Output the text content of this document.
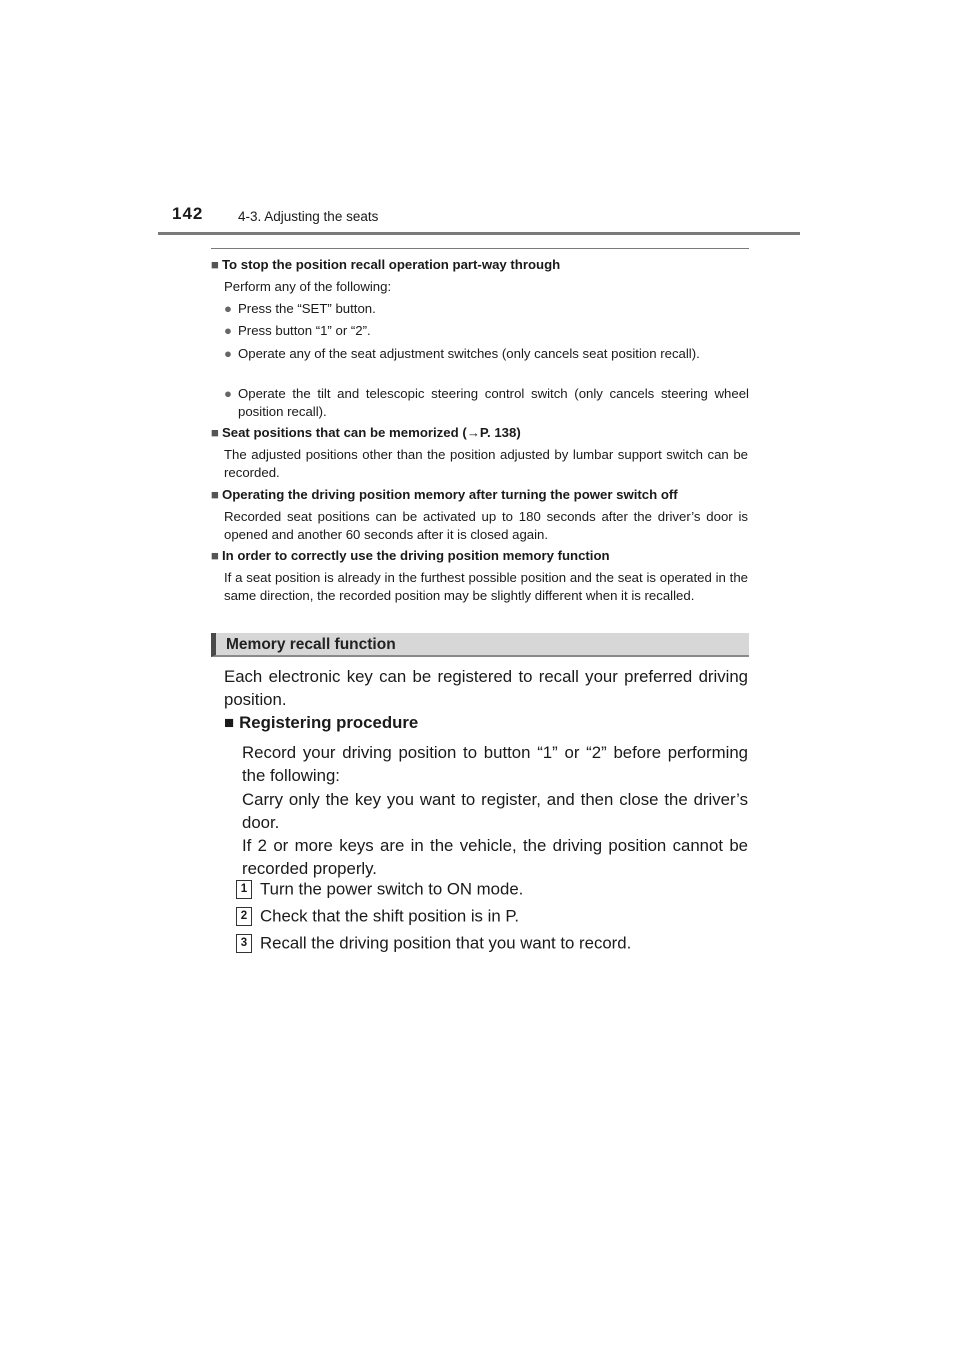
142	4-3. Adjusting the seats
■ To stop the position recall operation part-way through
Perform any of the following:
● Press the “SET” button.
● Press button “1” or “2”.
● Operate any of the seat adjustment switches (only cancels seat position recall).
● Operate the tilt and telescopic steering control switch (only cancels steering wheel position recall).
■ Seat positions that can be memorized (→P. 138)
The adjusted positions other than the position adjusted by lumbar support switch can be recorded.
■ Operating the driving position memory after turning the power switch off
Recorded seat positions can be activated up to 180 seconds after the driver’s door is opened and another 60 seconds after it is closed again.
■ In order to correctly use the driving position memory function
If a seat position is already in the furthest possible position and the seat is operated in the same direction, the recorded position may be slightly different when it is recalled.
Memory recall function
Each electronic key can be registered to recall your preferred driving position.
■ Registering procedure
Record your driving position to button “1” or “2” before performing the following:
Carry only the key you want to register, and then close the driver’s door.
If 2 or more keys are in the vehicle, the driving position cannot be recorded properly.
1 Turn the power switch to ON mode.
2 Check that the shift position is in P.
3 Recall the driving position that you want to record.
